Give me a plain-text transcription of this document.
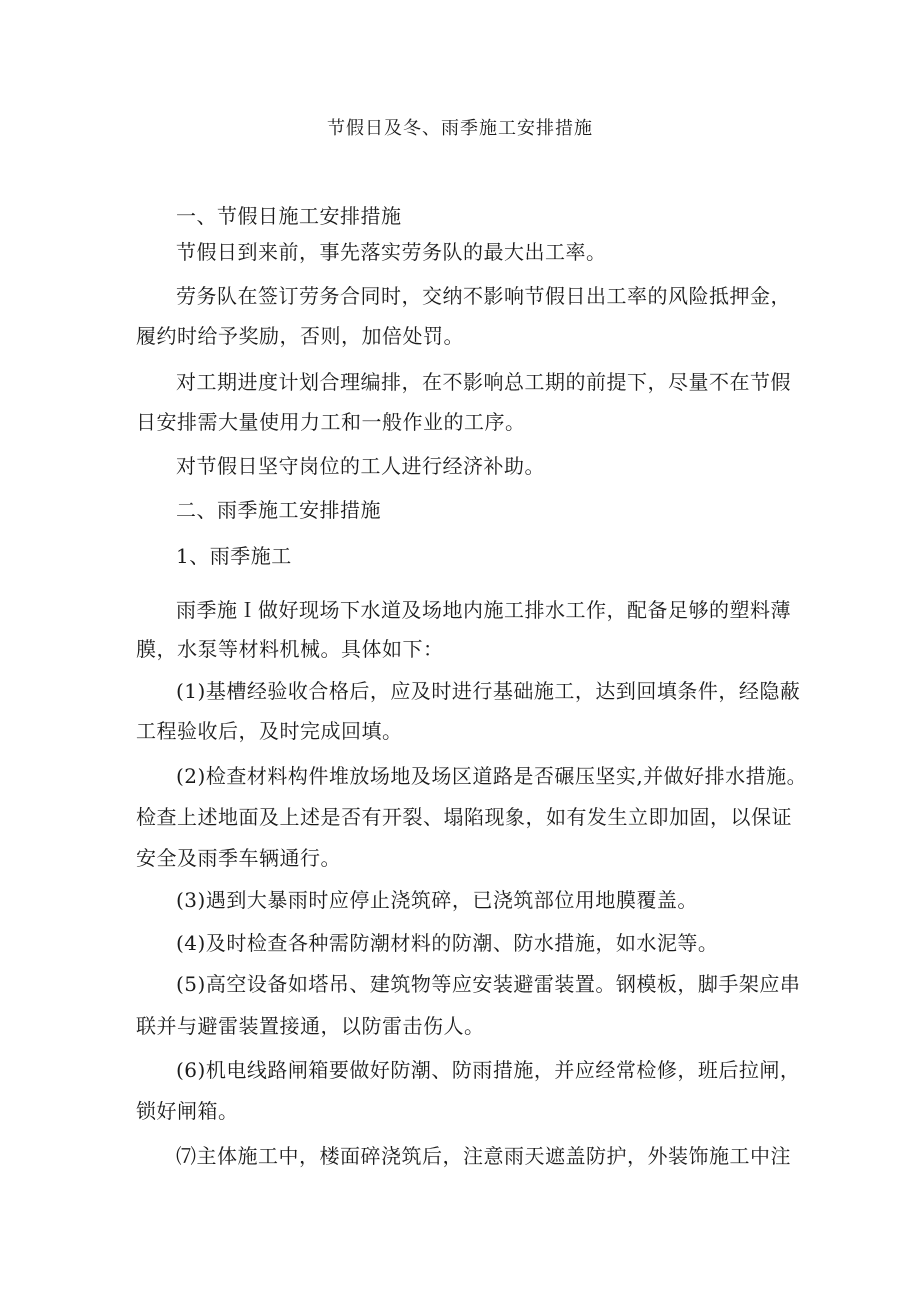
节假日及冬、雨季施工安排措施
一、节假日施工安排措施
节假日到来前，事先落实劳务队的最大出工率。
劳务队在签订劳务合同时，交纳不影响节假日出工率的风险抵押金，
履约时给予奖励，否则，加倍处罚。
对工期进度计划合理编排，在不影响总工期的前提下，尽量不在节假
日安排需大量使用力工和一般作业的工序。
对节假日坚守岗位的工人进行经济补助。
二、雨季施工安排措施
1、雨季施工
雨季施Ｉ做好现场下水道及场地内施工排水工作，配备足够的塑料薄
膜，水泵等材料机械。具体如下：
(1)基槽经验收合格后，应及时进行基础施工，达到回填条件，经隐蔽
工程验收后，及时完成回填。
(2)检查材料构件堆放场地及场区道路是否碾压坚实,并做好排水措施。
检查上述地面及上述是否有开裂、塌陷现象，如有发生立即加固，以保证
安全及雨季车辆通行。
(3)遇到大暴雨时应停止浇筑碎，已浇筑部位用地膜覆盖。
(4)及时检查各种需防潮材料的防潮、防水措施，如水泥等。
(5)高空设备如塔吊、建筑物等应安装避雷装置。钢模板，脚手架应串
联并与避雷装置接通，以防雷击伤人。
(6)机电线路闸箱要做好防潮、防雨措施，并应经常检修，班后拉闸，
锁好闸箱。
⑺主体施工中，楼面碎浇筑后，注意雨天遮盖防护，外装饰施工中注
